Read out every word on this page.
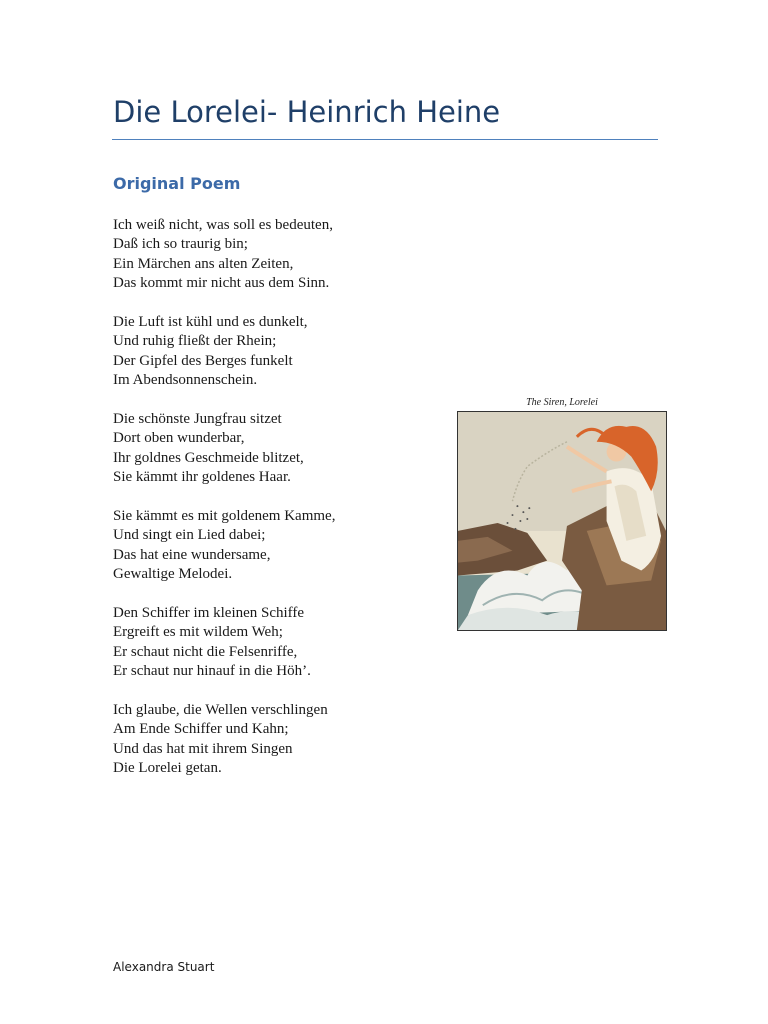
Die Lorelei- Heinrich Heine
Original Poem

Ich weiß nicht, was soll es bedeuten,
Daß ich so traurig bin;
Ein Märchen ans alten Zeiten,
Das kommt mir nicht aus dem Sinn.

Die Luft ist kühl und es dunkelt,
Und ruhig fließt der Rhein;
Der Gipfel des Berges funkelt
Im Abendsonnenschein.

Die schönste Jungfrau sitzet
Dort oben wunderbar,
Ihr goldnes Geschmeide blitzet,
Sie kämmt ihr goldenes Haar.

Sie kämmt es mit goldenem Kamme,
Und singt ein Lied dabei;
Das hat eine wundersame,
Gewaltige Melodei.

Den Schiffer im kleinen Schiffe
Ergreift es mit wildem Weh;
Er schaut nicht die Felsenriffe,
Er schaut nur hinauf in die Höh’.

Ich glaube, die Wellen verschlingen
Am Ende Schiffer und Kahn;
Und das hat mit ihrem Singen
Die Lorelei getan.

The Siren, Lorelei
Alexandra Stuart
